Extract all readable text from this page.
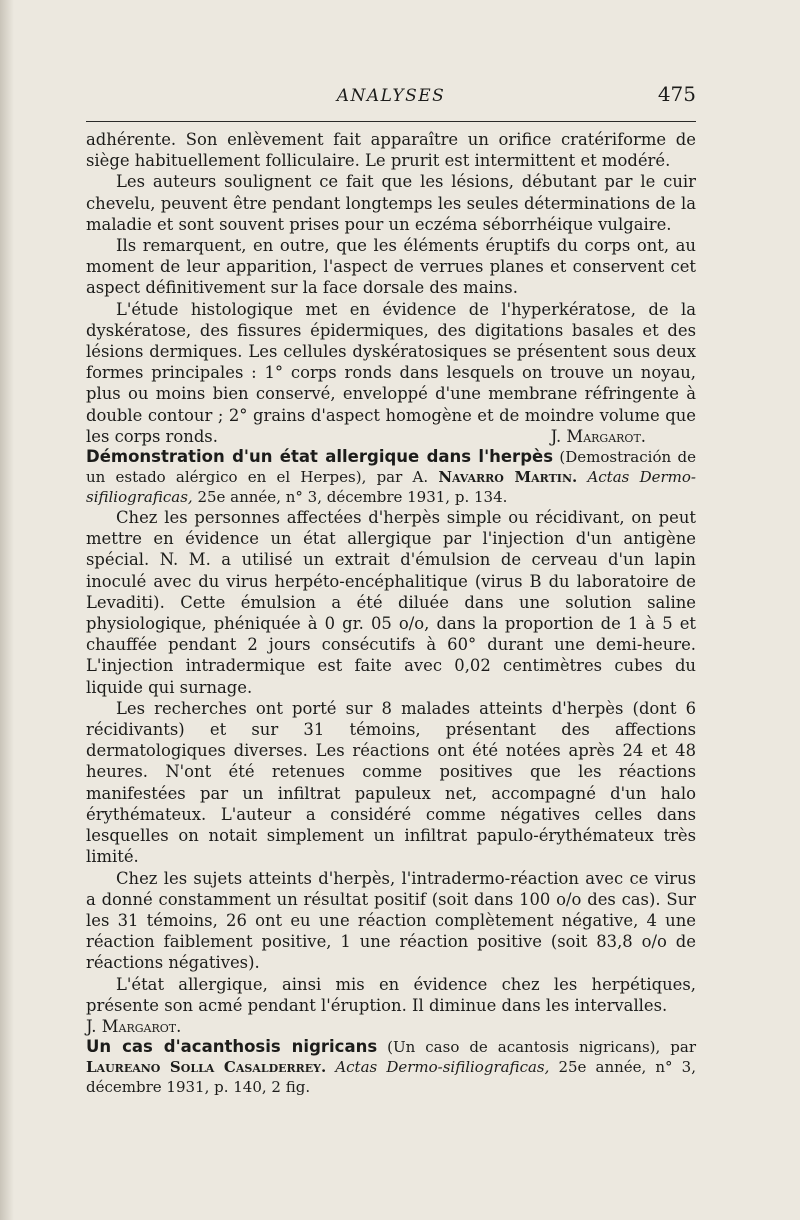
ANALYSES	475

adhérente. Son enlèvement fait apparaître un orifice cratériforme de siège habituellement folliculaire. Le prurit est intermittent et modéré.

Les auteurs soulignent ce fait que les lésions, débutant par le cuir chevelu, peuvent être pendant longtemps les seules déterminations de la maladie et sont souvent prises pour un eczéma séborrhéique vulgaire.

Ils remarquent, en outre, que les éléments éruptifs du corps ont, au moment de leur apparition, l'aspect de verrues planes et conservent cet aspect définitivement sur la face dorsale des mains.

L'étude histologique met en évidence de l'hyperkératose, de la dyskératose, des fissures épidermiques, des digitations basales et des lésions dermiques. Les cellules dyskératosiques se présentent sous deux formes principales : 1° corps ronds dans lesquels on trouve un noyau, plus ou moins bien conservé, enveloppé d'une membrane réfringente à double contour ; 2° grains d'aspect homogène et de moindre volume que les corps ronds.	J. Margarot.

Démonstration d'un état allergique dans l'herpès (Demostración de un estado alérgico en el Herpes), par A. Navarro Martin. Actas Dermo-sifiliograficas, 25e année, n° 3, décembre 1931, p. 134.

Chez les personnes affectées d'herpès simple ou récidivant, on peut mettre en évidence un état allergique par l'injection d'un antigène spécial. N. M. a utilisé un extrait d'émulsion de cerveau d'un lapin inoculé avec du virus herpéto-encéphalitique (virus B du laboratoire de Levaditi). Cette émulsion a été diluée dans une solution saline physiologique, phéniquée à 0 gr. 05 o/o, dans la proportion de 1 à 5 et chauffée pendant 2 jours consécutifs à 60° durant une demi-heure. L'injection intradermique est faite avec 0,02 centimètres cubes du liquide qui surnage.

Les recherches ont porté sur 8 malades atteints d'herpès (dont 6 récidivants) et sur 31 témoins, présentant des affections dermatologiques diverses. Les réactions ont été notées après 24 et 48 heures. N'ont été retenues comme positives que les réactions manifestées par un infiltrat papuleux net, accompagné d'un halo érythémateux. L'auteur a considéré comme négatives celles dans lesquelles on notait simplement un infiltrat papulo-érythémateux très limité.

Chez les sujets atteints d'herpès, l'intradermo-réaction avec ce virus a donné constamment un résultat positif (soit dans 100 o/o des cas). Sur les 31 témoins, 26 ont eu une réaction complètement négative, 4 une réaction faiblement positive, 1 une réaction positive (soit 83,8 o/o de réactions négatives).

L'état allergique, ainsi mis en évidence chez les herpétiques, présente son acmé pendant l'éruption. Il diminue dans les intervalles.

J. Margarot.

Un cas d'acanthosis nigricans (Un caso de acantosis nigricans), par Laureano Solla Casalderrey. Actas Dermo-sifiliograficas, 25e année, n° 3, décembre 1931, p. 140, 2 fig.
